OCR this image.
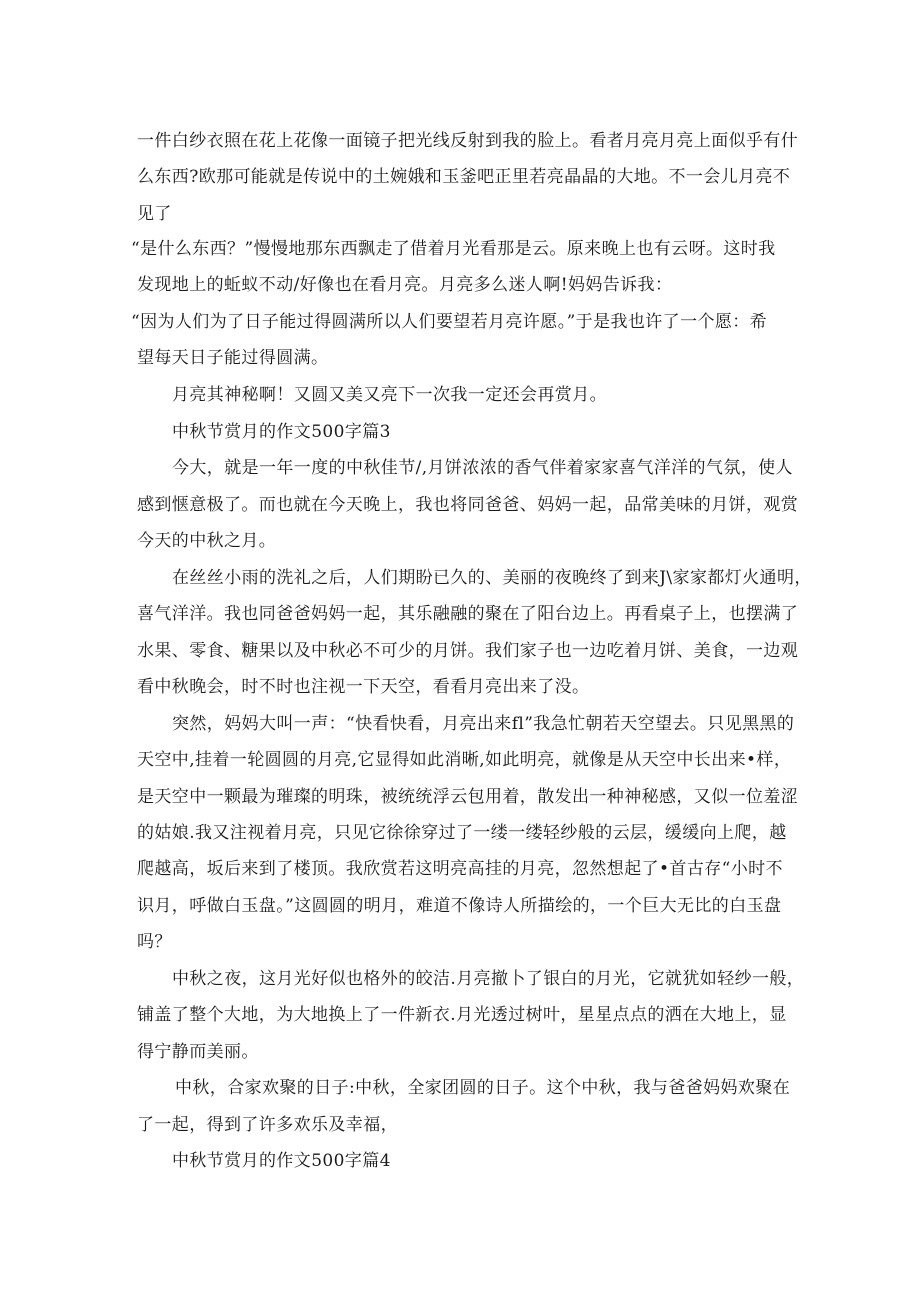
一件白纱衣照在花上花像一面镜子把光线反射到我的脸上。看者月亮月亮上面似乎有什
么东西?欧那可能就是传说中的土婉娥和玉釜吧正里若亮晶晶的大地。不一会儿月亮不
见了
“是什么东西？”慢慢地那东西飘走了借着月光看那是云。原来晚上也有云呀。这时我
发现地上的蚯蚁不动/好像也在看月亮。月亮多么迷人啊!妈妈告诉我：
“因为人们为了日子能过得圆满所以人们要望若月亮许愿。”于是我也许了一个愿：希
望每天日子能过得圆满。
月亮其神秘啊！又圆又美又亮下一次我一定还会再赏月。
中秋节赏月的作文500字篇3
今大，就是一年一度的中秋佳节/,月饼浓浓的香气伴着家家喜气洋洋的气氛，使人
感到惬意极了。而也就在今天晚上，我也将同爸爸、妈妈一起，品常美味的月饼，观赏
今天的中秋之月。
在丝丝小雨的洗礼之后，人们期盼已久的、美丽的夜晚终了到来J\家家都灯火通明，
喜气洋洋。我也同爸爸妈妈一起，其乐融融的聚在了阳台边上。再看桌子上，也摆满了
水果、零食、糖果以及中秋必不可少的月饼。我们家子也一边吃着月饼、美食，一边观
看中秋晚会，时不时也注视一下天空，看看月亮出来了没。
突然，妈妈大叫一声：“快看快看，月亮出来fl”我急忙朝若天空望去。只见黑黑的
天空中,挂着一轮圆圆的月亮,它显得如此消晰,如此明亮，就像是从天空中长出来•样，
是天空中一颗最为璀璨的明珠，被统统浮云包用着，散发出一种神秘感，又似一位羞涩
的姑娘.我又注视着月亮，只见它徐徐穿过了一缕一缕轻纱般的云层，缓缓向上爬，越
爬越高，坂后来到了楼顶。我欣赏若这明亮高挂的月亮，忽然想起了•首古存“小时不
识月，呼做白玉盘。”这圆圆的明月，难道不像诗人所描绘的，一个巨大无比的白玉盘
吗？
中秋之夜，这月光好似也格外的皎洁.月亮撤卜了银白的月光，它就犹如轻纱一般，
铺盖了整个大地，为大地换上了一件新衣.月光透过树叶，星星点点的洒在大地上，显
得宁静而美丽。
中秋，合家欢聚的日子:中秋，全家团圆的日子。这个中秋，我与爸爸妈妈欢聚在
了一起，得到了许多欢乐及幸福，
中秋节赏月的作文500字篇4
